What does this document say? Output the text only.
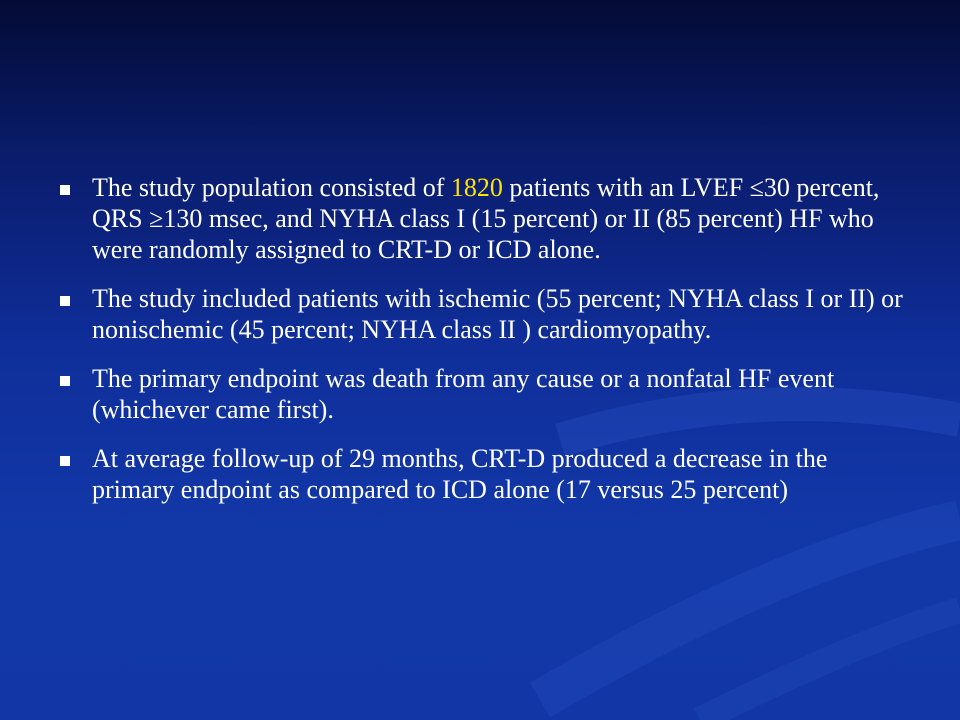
The study population consisted of 1820 patients with an LVEF ≤30 percent, QRS ≥130 msec, and NYHA class I (15 percent) or II (85 percent) HF who were randomly assigned to CRT-D or ICD alone.
The study included patients with ischemic (55 percent; NYHA class I or II) or nonischemic (45 percent; NYHA class II ) cardiomyopathy.
The primary endpoint was death from any cause or a nonfatal HF event (whichever came first).
At average follow-up of 29 months, CRT-D produced a decrease in the primary endpoint as compared to ICD alone (17 versus 25 percent)
